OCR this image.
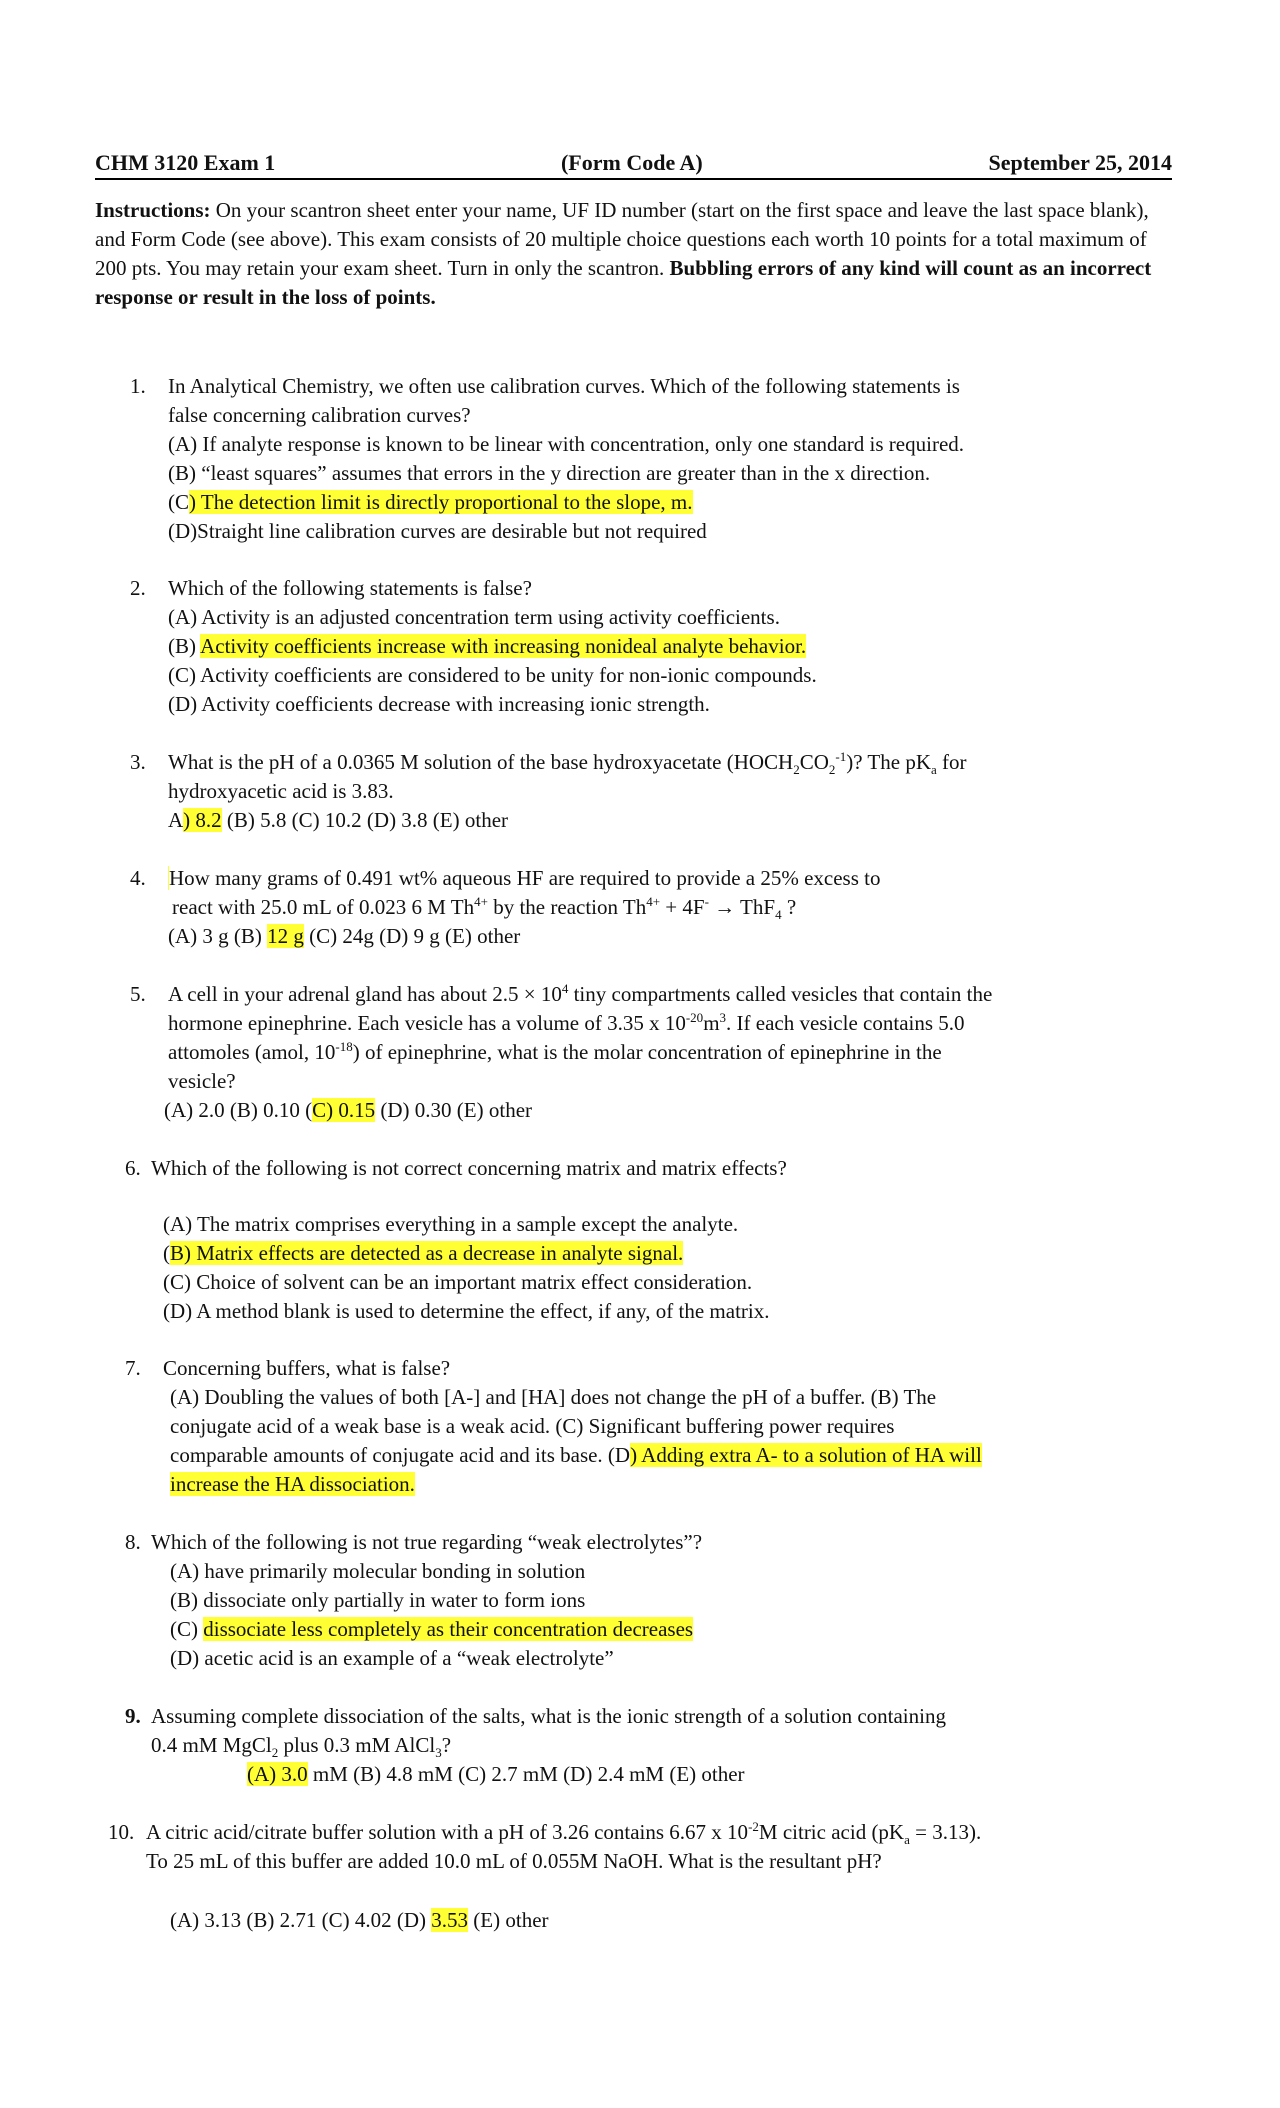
CHM 3120 Exam 1	(Form Code A)	September 25, 2014
Instructions: On your scantron sheet enter your name, UF ID number (start on the first space and leave the last space blank), and Form Code (see above). This exam consists of 20 multiple choice questions each worth 10 points for a total maximum of 200 pts. You may retain your exam sheet. Turn in only the scantron. Bubbling errors of any kind will count as an incorrect response or result in the loss of points.
1. In Analytical Chemistry, we often use calibration curves. Which of the following statements is
false concerning calibration curves?
(A) If analyte response is known to be linear with concentration, only one standard is required.
(B) “least squares” assumes that errors in the y direction are greater than in the x direction.
(C) The detection limit is directly proportional to the slope, m.
(D)Straight line calibration curves are desirable but not required
2. Which of the following statements is false?
(A) Activity is an adjusted concentration term using activity coefficients.
(B) Activity coefficients increase with increasing nonideal analyte behavior.
(C) Activity coefficients are considered to be unity for non-ionic compounds.
(D) Activity coefficients decrease with increasing ionic strength.
3. What is the pH of a 0.0365 M solution of the base hydroxyacetate $(HOCH_2CO_2^{-1})$? The $pK_a$ for
hydroxyacetic acid is 3.83.
A) 8.2 (B) 5.8 (C) 10.2 (D) 3.8 (E) other
4. How many grams of 0.491 wt% aqueous HF are required to provide a 25% excess to
react with 25.0 mL of 0.023 6 M $Th^{4+}$ by the reaction $Th^{4+} + 4F^- \to ThF_4$ ?
(A) 3 g (B) 12 g (C) 24g (D) 9 g (E) other
5. A cell in your adrenal gland has about $2.5 \times 10^4$ tiny compartments called vesicles that contain the
hormone epinephrine. Each vesicle has a volume of 3.35 x $10^{-20}m^3$. If each vesicle contains 5.0
attomoles (amol, $10^{-18}$) of epinephrine, what is the molar concentration of epinephrine in the
vesicle?
(A) 2.0 (B) 0.10 (C) 0.15 (D) 0.30 (E) other
6. Which of the following is not correct concerning matrix and matrix effects?
(A) The matrix comprises everything in a sample except the analyte.
(B) Matrix effects are detected as a decrease in analyte signal.
(C) Choice of solvent can be an important matrix effect consideration.
(D) A method blank is used to determine the effect, if any, of the matrix.
7. Concerning buffers, what is false?
(A) Doubling the values of both [A-] and [HA] does not change the pH of a buffer. (B) The
conjugate acid of a weak base is a weak acid. (C) Significant buffering power requires
comparable amounts of conjugate acid and its base. (D) Adding extra A- to a solution of HA will
increase the HA dissociation.
8. Which of the following is not true regarding “weak electrolytes”?
(A) have primarily molecular bonding in solution
(B) dissociate only partially in water to form ions
(C) dissociate less completely as their concentration decreases
(D) acetic acid is an example of a “weak electrolyte”
9. Assuming complete dissociation of the salts, what is the ionic strength of a solution containing
0.4 mM MgCl$_2$ plus 0.3 mM AlCl$_3$?
(A) 3.0 mM (B) 4.8 mM (C) 2.7 mM (D) 2.4 mM (E) other
10. A citric acid/citrate buffer solution with a pH of 3.26 contains 6.67 x $10^{-2}M$ citric acid $(pK_a = 3.13)$.
To 25 mL of this buffer are added 10.0 mL of 0.055M NaOH. What is the resultant pH?
(A) 3.13 (B) 2.71 (C) 4.02 (D) 3.53 (E) other
